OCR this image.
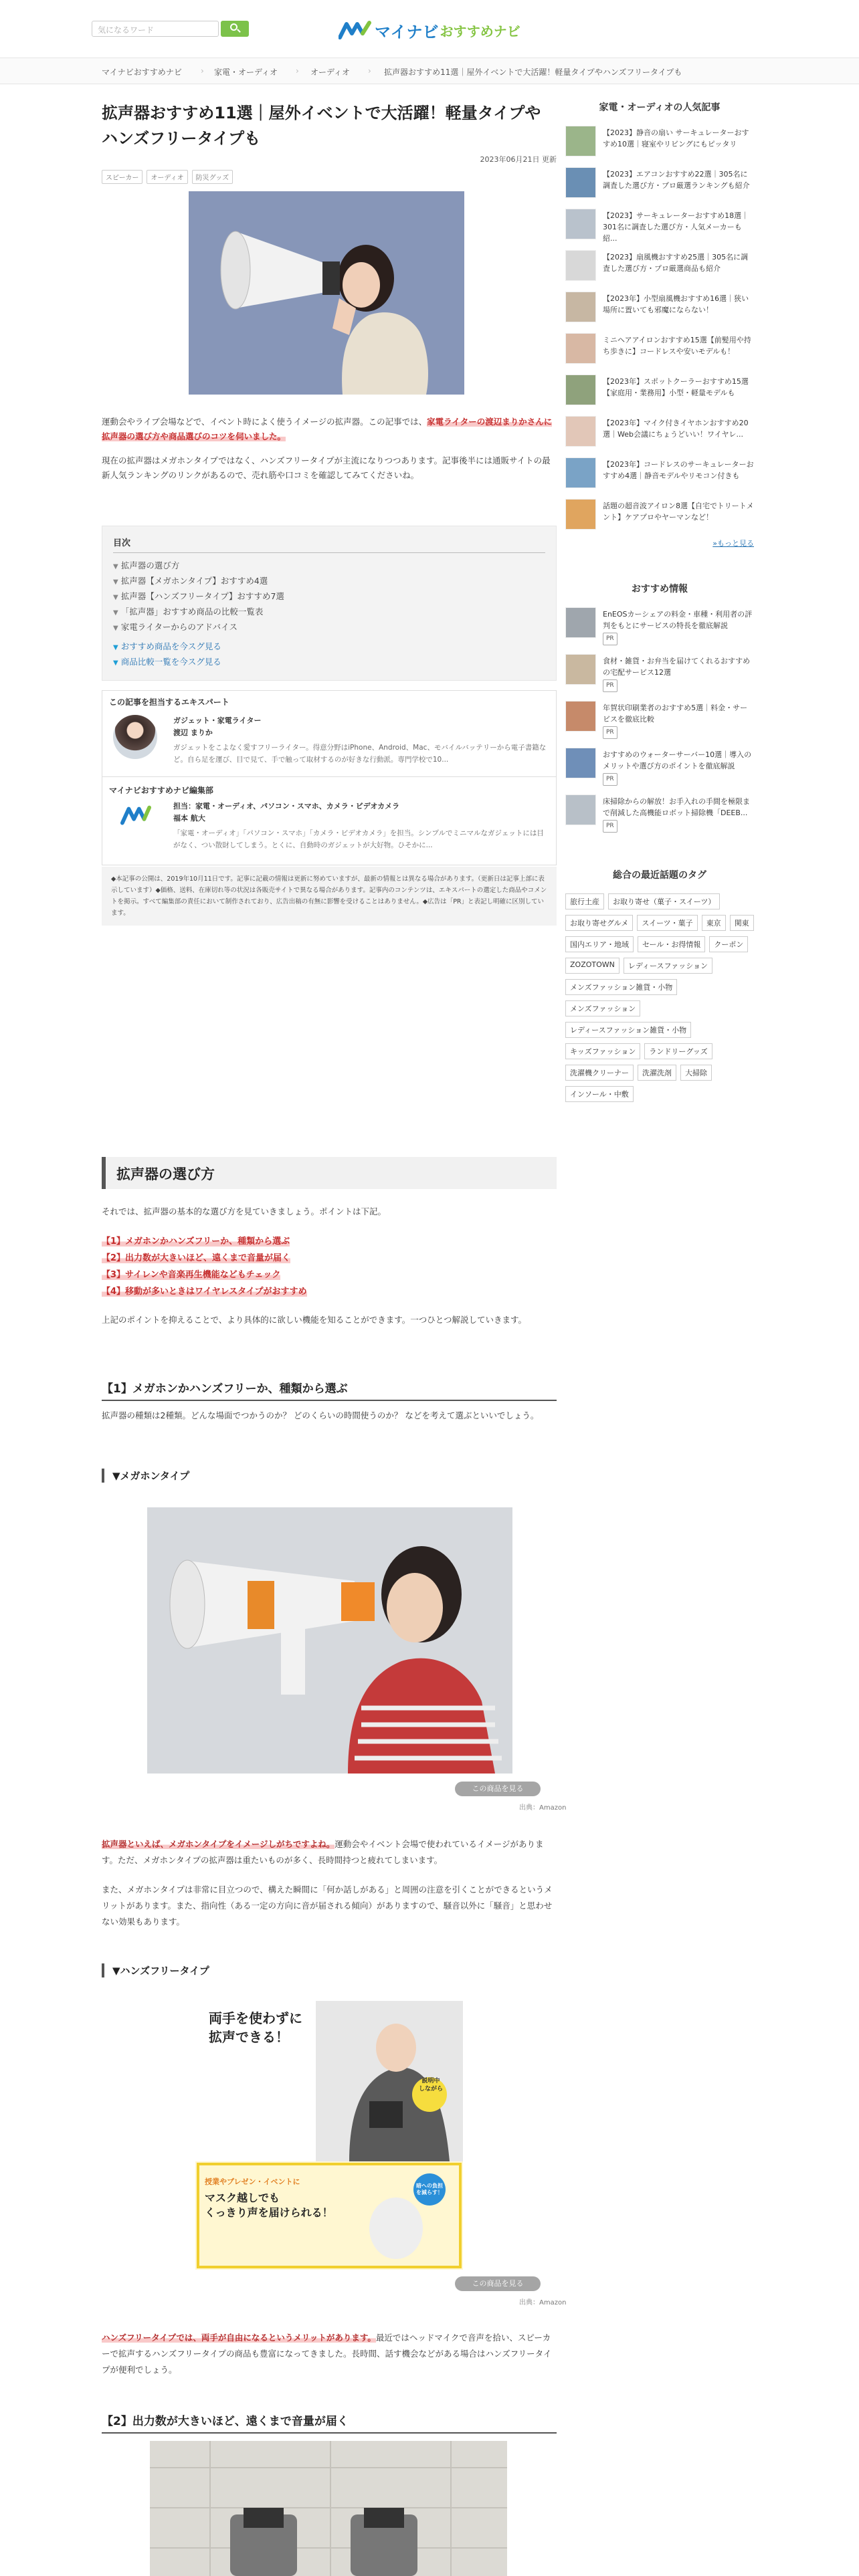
気になるワード	マイナビ おすすめナビ
マイナビおすすめナビ › 家電・オーディオ › オーディオ › 拡声器おすすめ11選｜屋外イベントで大活躍！軽量タイプやハンズフリータイプも
拡声器おすすめ11選｜屋外イベントで大活躍！軽量タイプやハンズフリータイプも
2023年06月21日 更新
スピーカー	オーディオ	防災グッズ

運動会やライブ会場などで、イベント時によく使うイメージの拡声器。この記事では、家電ライターの渡辺まりかさんに拡声器の選び方や商品選びのコツを伺いました。

現在の拡声器はメガホンタイプではなく、ハンズフリータイプが主流になりつつあります。記事後半には通販サイトの最新人気ランキングのリンクがあるので、売れ筋や口コミを確認してみてくださいね。

目次
▼ 拡声器の選び方
▼ 拡声器【メガホンタイプ】おすすめ4選
▼ 拡声器【ハンズフリータイプ】おすすめ7選
▼ 「拡声器」おすすめ商品の比較一覧表
▼ 家電ライターからのアドバイス
▼ おすすめ商品を今スグ見る
▼ 商品比較一覧を今スグ見る
この記事を担当するエキスパート
ガジェット・家電ライター
渡辺 まりか
ガジェットをこよなく愛すフリーライター。得意分野はiPhone、Android、Mac、モバイルバッテリーから電子書籍など。自ら足を運び、目で見て、手で触って取材するのが好きな行動派。専門学校で10...
マイナビおすすめナビ編集部
担当：家電・オーディオ、パソコン・スマホ、カメラ・ビデオカメラ
福本 航大
「家電・オーディオ」「パソコン・スマホ」「カメラ・ビデオカメラ」を担当。シンプルでミニマルなガジェットには目がなく、つい散財してしまう。とくに、自動時のガジェットが大好物。ひそかに...
◆本記事の公開は、2019年10月11日です。記事に記載の情報は更新に努めていますが、最新の情報とは異なる場合があります。（更新日は記事上部に表示しています）◆価格、送料、在庫切れ等の状況は各販売サイトで異なる場合があります。記事内のコンテンツは、エキスパートの選定した商品やコメントを掲示。すべて編集部の責任において制作されており、広告出稿の有無に影響を受けることはありません。◆広告は「PR」と表記し明確に区別しています。
家電・オーディオの人気記事
【2023】静音の扇い サーキュレーターおすすめ10選｜寝室やリビングにもピッタリ
【2023】エアコンおすすめ22選｜305名に調査した選び方・プロ厳選ランキングも紹介
【2023】サーキュレーターおすすめ18選｜301名に調査した選び方・人気メーカーも紹...
【2023】扇風機おすすめ25選｜305名に調査した選び方・プロ厳選商品も紹介
【2023年】小型扇風機おすすめ16選｜狭い場所に置いても邪魔にならない！
ミニヘアアイロンおすすめ15選【前髪用や持ち歩きに】コードレスや安いモデルも！
【2023年】スポットクーラーおすすめ15選【家庭用・業務用】小型・軽量モデルも
【2023年】マイク付きイヤホンおすすめ20選｜Web会議にちょうどいい！ワイヤレ...
【2023年】コードレスのサーキュレーターおすすめ4選｜静音モデルやリモコン付きも
話題の超音波アイロン8選【自宅でトリートメント】ケアプロやヤーマンなど！
»もっと見る
おすすめ情報
EnEOSカーシェアの料金・車種・利用者の評判をもとにサービスの特長を徹底解説
PR
食材・雑貨・お弁当を届けてくれるおすすめの宅配サービス12選
PR
年賀状印刷業者のおすすめ5選｜料金・サービスを徹底比較
PR
おすすめのウォーターサーバー10選｜導入のメリットや選び方のポイントを徹底解説
PR
床掃除からの解放！お手入れの手間を極限まで削減した高機能ロボット掃除機「DEEB...
PR
総合の最近話題のタグ
旅行土産	お取り寄せ（菓子・スイーツ）
お取り寄せグルメ	スイーツ・菓子	東京	関東
国内エリア・地域	セール・お得情報	クーポン
ZOZOTOWN	レディースファッション
メンズファッション雑貨・小物
メンズファッション
レディースファッション雑貨・小物
キッズファッション	ランドリーグッズ
洗濯機クリーナー	洗濯洗剤	大掃除
インソール・中敷
拡声器の選び方

それでは、拡声器の基本的な選び方を見ていきましょう。ポイントは下記。

【1】メガホンかハンズフリーか、種類から選ぶ
【2】出力数が大きいほど、遠くまで音量が届く
【3】サイレンや音楽再生機能などもチェック
【4】移動が多いときはワイヤレスタイプがおすすめ

上記のポイントを抑えることで、より具体的に欲しい機能を知ることができます。一つひとつ解説していきます。

【1】メガホンかハンズフリーか、種類から選ぶ

拡声器の種類は2種類。どんな場面でつかうのか？ どのくらいの時間使うのか？ などを考えて選ぶといいでしょう。

▼メガホンタイプ
この商品を見る
出典：Amazon

拡声器といえば、メガホンタイプをイメージしがちですよね。運動会やイベント会場で使われているイメージがあります。ただ、メガホンタイプの拡声器は重たいものが多く、長時間持つと疲れてしまいます。

また、メガホンタイプは非常に目立つので、構えた瞬間に「何か話しがある」と周囲の注意を引くことができるというメリットがあります。また、指向性（ある一定の方向に音が届される傾向）がありますので、騒音以外に「騒音」と思わせない効果もあります。

▼ハンズフリータイプ
両手を使わずに
拡声できる！
説明中
しながら
授業やプレゼン・イベントに
マスク越しでも
くっきり声を届けられる！
暗への負担
を減らす！
この商品を見る
出典：Amazon

ハンズフリータイプでは、両手が自由になるというメリットがあります。最近ではヘッドマイクで音声を拾い、スピーカーで拡声するハンズフリータイプの商品も豊富になってきました。長時間、話す機会などがある場合はハンズフリータイプが便利でしょう。

【2】出力数が大きいほど、遠くまで音量が届く
